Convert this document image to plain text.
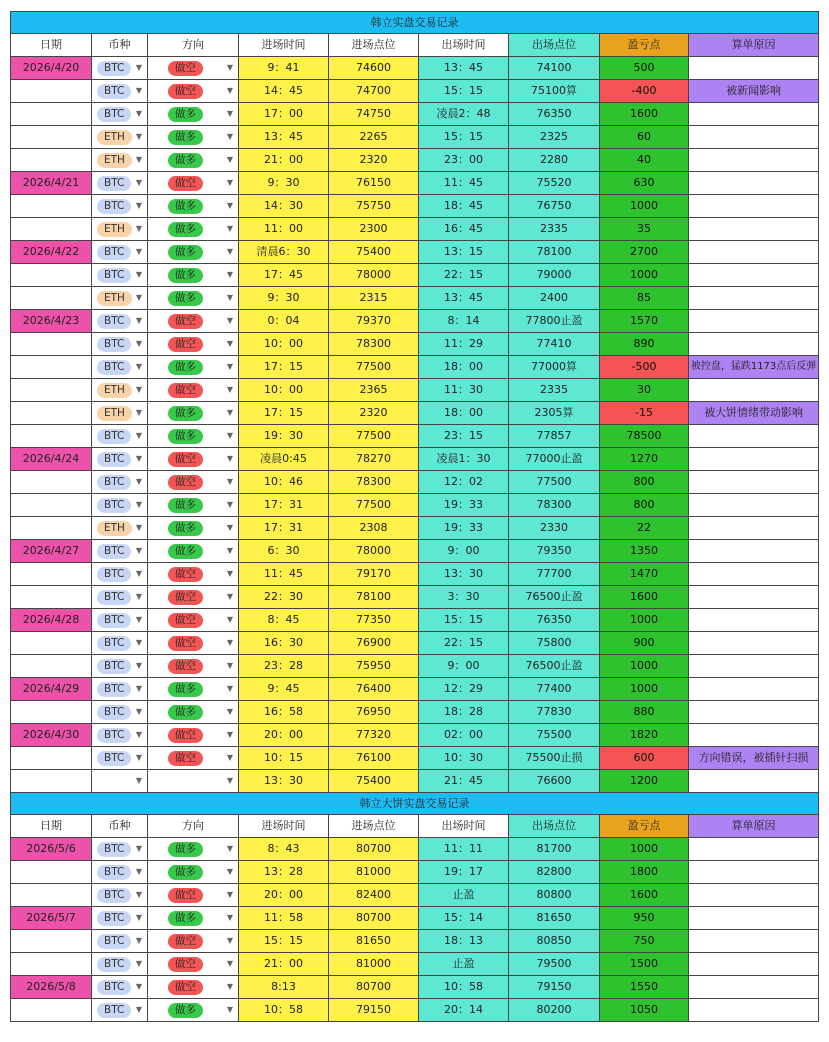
韩立实盘交易记录								
日期	币种	方向	进场时间	进场点位	出场时间	出场点位	盈亏点	算单原因
2026/4/20	BTC ▼	做空 ▼	9：41	74600	13：45	74100	500	

	BTC ▼	做空 ▼	14：45	74700	15：15	75100算	-400	被新闻影响

	BTC ▼	做多 ▼	17：00	74750	凌晨2：48	76350	1600	

	ETH ▼	做多 ▼	13：45	2265	15：15	2325	60	

	ETH ▼	做多 ▼	21：00	2320	23：00	2280	40	
2026/4/21	BTC ▼	做空 ▼	9：30	76150	11：45	75520	630	

	BTC ▼	做多 ▼	14：30	75750	18：45	76750	1000	

	ETH ▼	做多 ▼	11：00	2300	16：45	2335	35	
2026/4/22	BTC ▼	做多 ▼	清晨6：30	75400	13：15	78100	2700	

	BTC ▼	做多 ▼	17：45	78000	22：15	79000	1000	

	ETH ▼	做多 ▼	9：30	2315	13：45	2400	85	
2026/4/23	BTC ▼	做空 ▼	0：04	79370	8：14	77800止盈	1570	

	BTC ▼	做空 ▼	10：00	78300	11：29	77410	890	

	BTC ▼	做多 ▼	17：15	77500	18：00	77000算	-500	被控盘，猛跌1173点后反弹

	ETH ▼	做空 ▼	10：00	2365	11：30	2335	30	

	ETH ▼	做多 ▼	17：15	2320	18：00	2305算	-15	被大饼情绪带动影响

	BTC ▼	做多 ▼	19：30	77500	23：15	77857	78500	
2026/4/24	BTC ▼	做空 ▼	凌晨0:45	78270	凌晨1：30	77000止盈	1270	

	BTC ▼	做空 ▼	10：46	78300	12：02	77500	800	

	BTC ▼	做多 ▼	17：31	77500	19：33	78300	800	

	ETH ▼	做多 ▼	17：31	2308	19：33	2330	22	
2026/4/27	BTC ▼	做多 ▼	6：30	78000	9：00	79350	1350	

	BTC ▼	做空 ▼	11：45	79170	13：30	77700	1470	

	BTC ▼	做空 ▼	22：30	78100	3：30	76500止盈	1600	
2026/4/28	BTC ▼	做空 ▼	8：45	77350	15：15	76350	1000	

	BTC ▼	做空 ▼	16：30	76900	22：15	75800	900	

	BTC ▼	做空 ▼	23：28	75950	9：00	76500止盈	1000	
2026/4/29	BTC ▼	做多 ▼	9：45	76400	12：29	77400	1000	

	BTC ▼	做多 ▼	16：58	76950	18：28	77830	880	
2026/4/30	BTC ▼	做空 ▼	20：00	77320	02：00	75500	1820	

	BTC ▼	做空 ▼	10：15	76100	10：30	75500止损	600	方向错误，被插针扫损

	▼	▼	13：30	75400	21：45	76600	1200	
韩立大饼实盘交易记录								
日期	币种	方向	进场时间	进场点位	出场时间	出场点位	盈亏点	算单原因
2026/5/6	BTC ▼	做多 ▼	8：43	80700	11：11	81700	1000	

	BTC ▼	做多 ▼	13：28	81000	19：17	82800	1800	

	BTC ▼	做空 ▼	20：00	82400	止盈	80800	1600	
2026/5/7	BTC ▼	做多 ▼	11：58	80700	15：14	81650	950	

	BTC ▼	做空 ▼	15：15	81650	18：13	80850	750	

	BTC ▼	做空 ▼	21：00	81000	止盈	79500	1500	
2026/5/8	BTC ▼	做空 ▼	8:13	80700	10：58	79150	1550	

	BTC ▼	做多 ▼	10：58	79150	20：14	80200	1050	
